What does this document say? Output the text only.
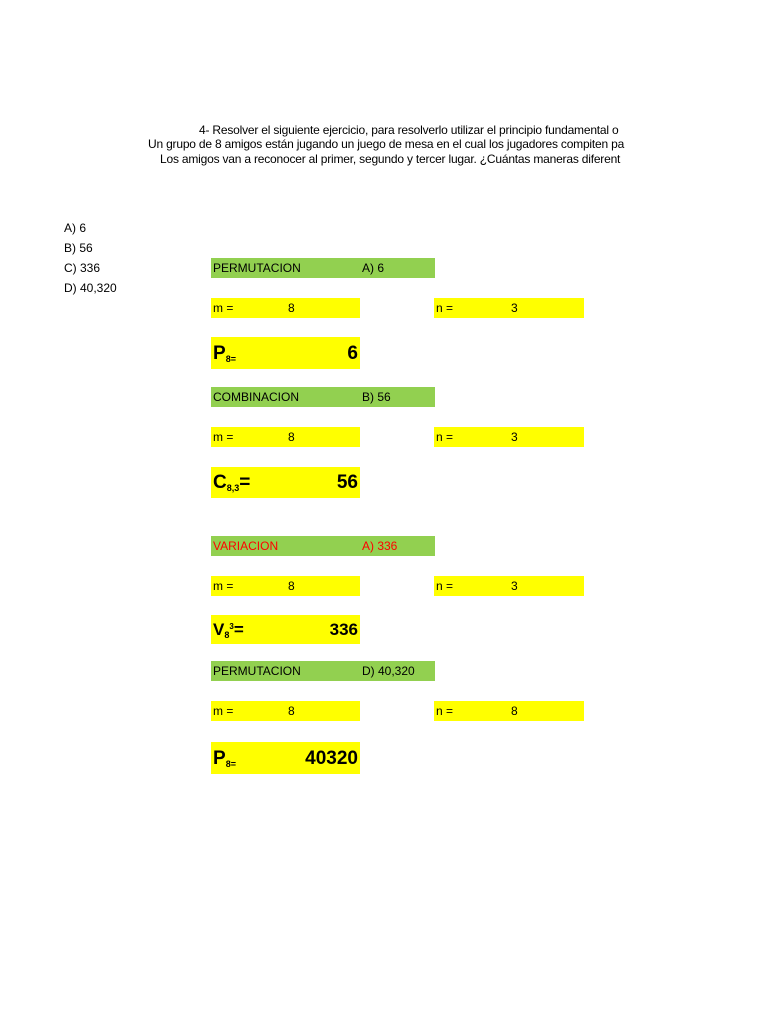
4- Resolver el siguiente ejercicio, para resolverlo utilizar el principio fundamental o
Un grupo de 8 amigos están jugando un juego de mesa en el cual los jugadores compiten pa
Los amigos van a reconocer al primer, segundo y tercer lugar. ¿Cuántas maneras diferent
A) 6
B) 56
C) 336
D) 40,320
PERMUTACION	A) 6
m =	8	n =	3
P8=	6
COMBINACION	B) 56
m =	8	n =	3
C8,3=	56
VARIACION	A) 336
m =	8	n =	3
$V8^3=$	336
PERMUTACION	D) 40,320
m =	8	n =	8
P8=	40320
